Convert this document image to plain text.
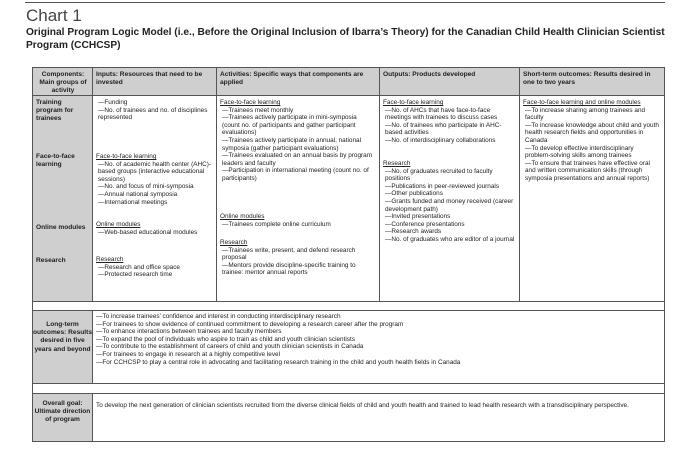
Chart 1
Original Program Logic Model (i.e., Before the Original Inclusion of Ibarra’s Theory) for the Canadian Child Health Clinician Scientist Program (CCHCSP)
Components: Main groups of activity
Inputs: Resources that need to be invested
Activities: Specific ways that components are applied
Outputs: Products developed	Short-term outcomes: Results desired in one to two years
Training program for trainees
Face-to-face learning
Online modules
Research
—Funding
—No. of trainees and no. of disciplines represented
Face-to-face learning
—No. of academic health center (AHC)-based groups (interactive educational sessions)
—No. and focus of mini-symposia
—Annual national symposia
—International meetings
Online modules
—Web-based educational modules
Research
—Research and office space
—Protected research time
Face-to-face learning
—Trainees meet monthly
—Trainees actively participate in mini-symposia (count no. of participants and gather participant evaluations)
—Trainees actively participate in annual, national symposia (gather participant evaluations)
—Trainees evaluated on an annual basis by program leaders and faculty
—Participation in international meeting (count no. of participants)
Online modules
—Trainees complete online curriculum
Research
—Trainees write, present, and defend research proposal
—Mentors provide discipline-specific training to trainee: mentor annual reports
Face-to-face learning
—No. of AHCs that have face-to-face meetings with trainees to discuss cases
—No. of trainees who participate in AHC-based activities
—No. of interdisciplinary collaborations
Research
—No. of graduates recruited to faculty positions
—Publications in peer-reviewed journals
—Other publications
—Grants funded and money received (career development path)
—Invited presentations
—Conference presentations
—Research awards
—No. of graduates who are editor of a journal
Face-to-face learning and online modules
—To increase sharing among trainees and faculty
—To increase knowledge about child and youth health research fields and opportunities in Canada
—To develop effective interdisciplinary problem-solving skills among trainees
—To ensure that trainees have effective oral and written communication skills (through symposia presentations and annual reports)
Long-term outcomes: Results desired in five years and beyond
—To increase trainees’ confidence and interest in conducting interdisciplinary research
—For trainees to show evidence of continued commitment to developing a research career after the program
—To enhance interactions between trainees and faculty members
—To expand the pool of individuals who aspire to train as child and youth clinician scientists
—To contribute to the establishment of careers of child and youth clinician scientists in Canada
—For trainees to engage in research at a highly competitive level
—For CCHCSP to play a central role in advocating and facilitating research training in the child and youth health fields in Canada
Overall goal: Ultimate direction of program
To develop the next generation of clinician scientists recruited from the diverse clinical fields of child and youth health and trained to lead health research with a transdisciplinary perspective.
